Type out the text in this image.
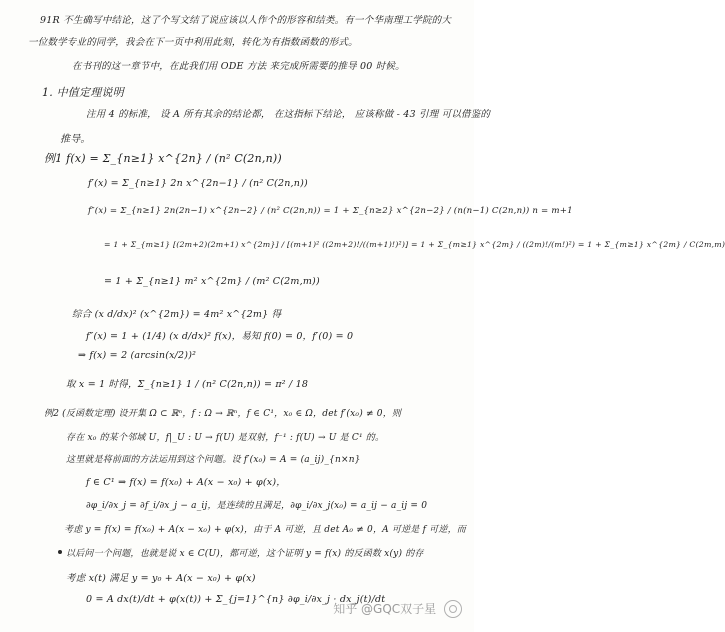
91R 不生确写中结论，这了个写文结了说应该以人作个的形容和结类。有一个华南理工学院的大
一位数学专业的同学，我会在下一页中利用此刻，转化为有指数函数的形式。
在书刊的这一章节中，在此我们用 ODE 方法 来完成所需要的推导 00 时候。
1. 中值定理说明
注用 4 的标准， 设 A 所有其余的结论都， 在这指标下结论， 应该称做 - 43 引理 可以借鉴的
推导。
例1 f(x) = Σ_{n≥1} x^{2n} / (n² C(2n,n))
f′(x) = Σ_{n≥1} 2n x^{2n−1} / (n² C(2n,n))
f″(x) = Σ_{n≥1} 2n(2n−1) x^{2n−2} / (n² C(2n,n)) = 1 + Σ_{n≥2} x^{2n−2} / (n(n−1) C(2n,n)) n = m+1
= 1 + Σ_{m≥1} [(2m+2)(2m+1) x^{2m}] / [(m+1)² ((2m+2)!/((m+1)!)²)] = 1 + Σ_{m≥1} x^{2m} / ((2m)!/(m!)²) = 1 + Σ_{m≥1} x^{2m} / C(2m,m)
= 1 + Σ_{n≥1} m² x^{2m} / (m² C(2m,m))
综合 (x d/dx)² (x^{2m}) = 4m² x^{2m} 得
f″(x) = 1 + (1/4) (x d/dx)² f(x)，易知 f(0) = 0，f′(0) = 0
⇒ f(x) = 2 (arcsin(x/2))²
取 x = 1 时得，Σ_{n≥1} 1 / (n² C(2n,n)) = π² / 18
例2 (反函数定理) 设开集 Ω ⊂ ℝⁿ，f : Ω → ℝⁿ，f ∈ C¹，x₀ ∈ Ω，det f′(x₀) ≠ 0，则
存在 x₀ 的某个邻域 U，f|_U : U → f(U) 是双射，f⁻¹ : f(U) → U 是 C¹ 的。
这里就是将前面的方法运用到这个问题。设 f′(x₀) = A = (a_ij)_{n×n}
f ∈ C¹ ⇒ f(x) = f(x₀) + A(x − x₀) + φ(x)，
∂φ_i/∂x_j = ∂f_i/∂x_j − a_ij，是连续的且满足，∂φ_i/∂x_j(x₀) = a_ij − a_ij = 0
考虑 y = f(x) = f(x₀) + A(x − x₀) + φ(x)，由于 A 可逆，且 det A₀ ≠ 0，A 可逆是 f 可逆，而
以后问一个问题，也就是说 x ∈ C(U)，都可逆，这个证明 y = f(x) 的反函数 x(y) 的存
考虑 x(t) 满足 y = y₀ + A(x − x₀) + φ(x)
0 = A dx(t)/dt + φ(x(t)) + Σ_{j=1}^{n} ∂φ_i/∂x_j · dx_j(t)/dt
知乎 @GQC双子星
